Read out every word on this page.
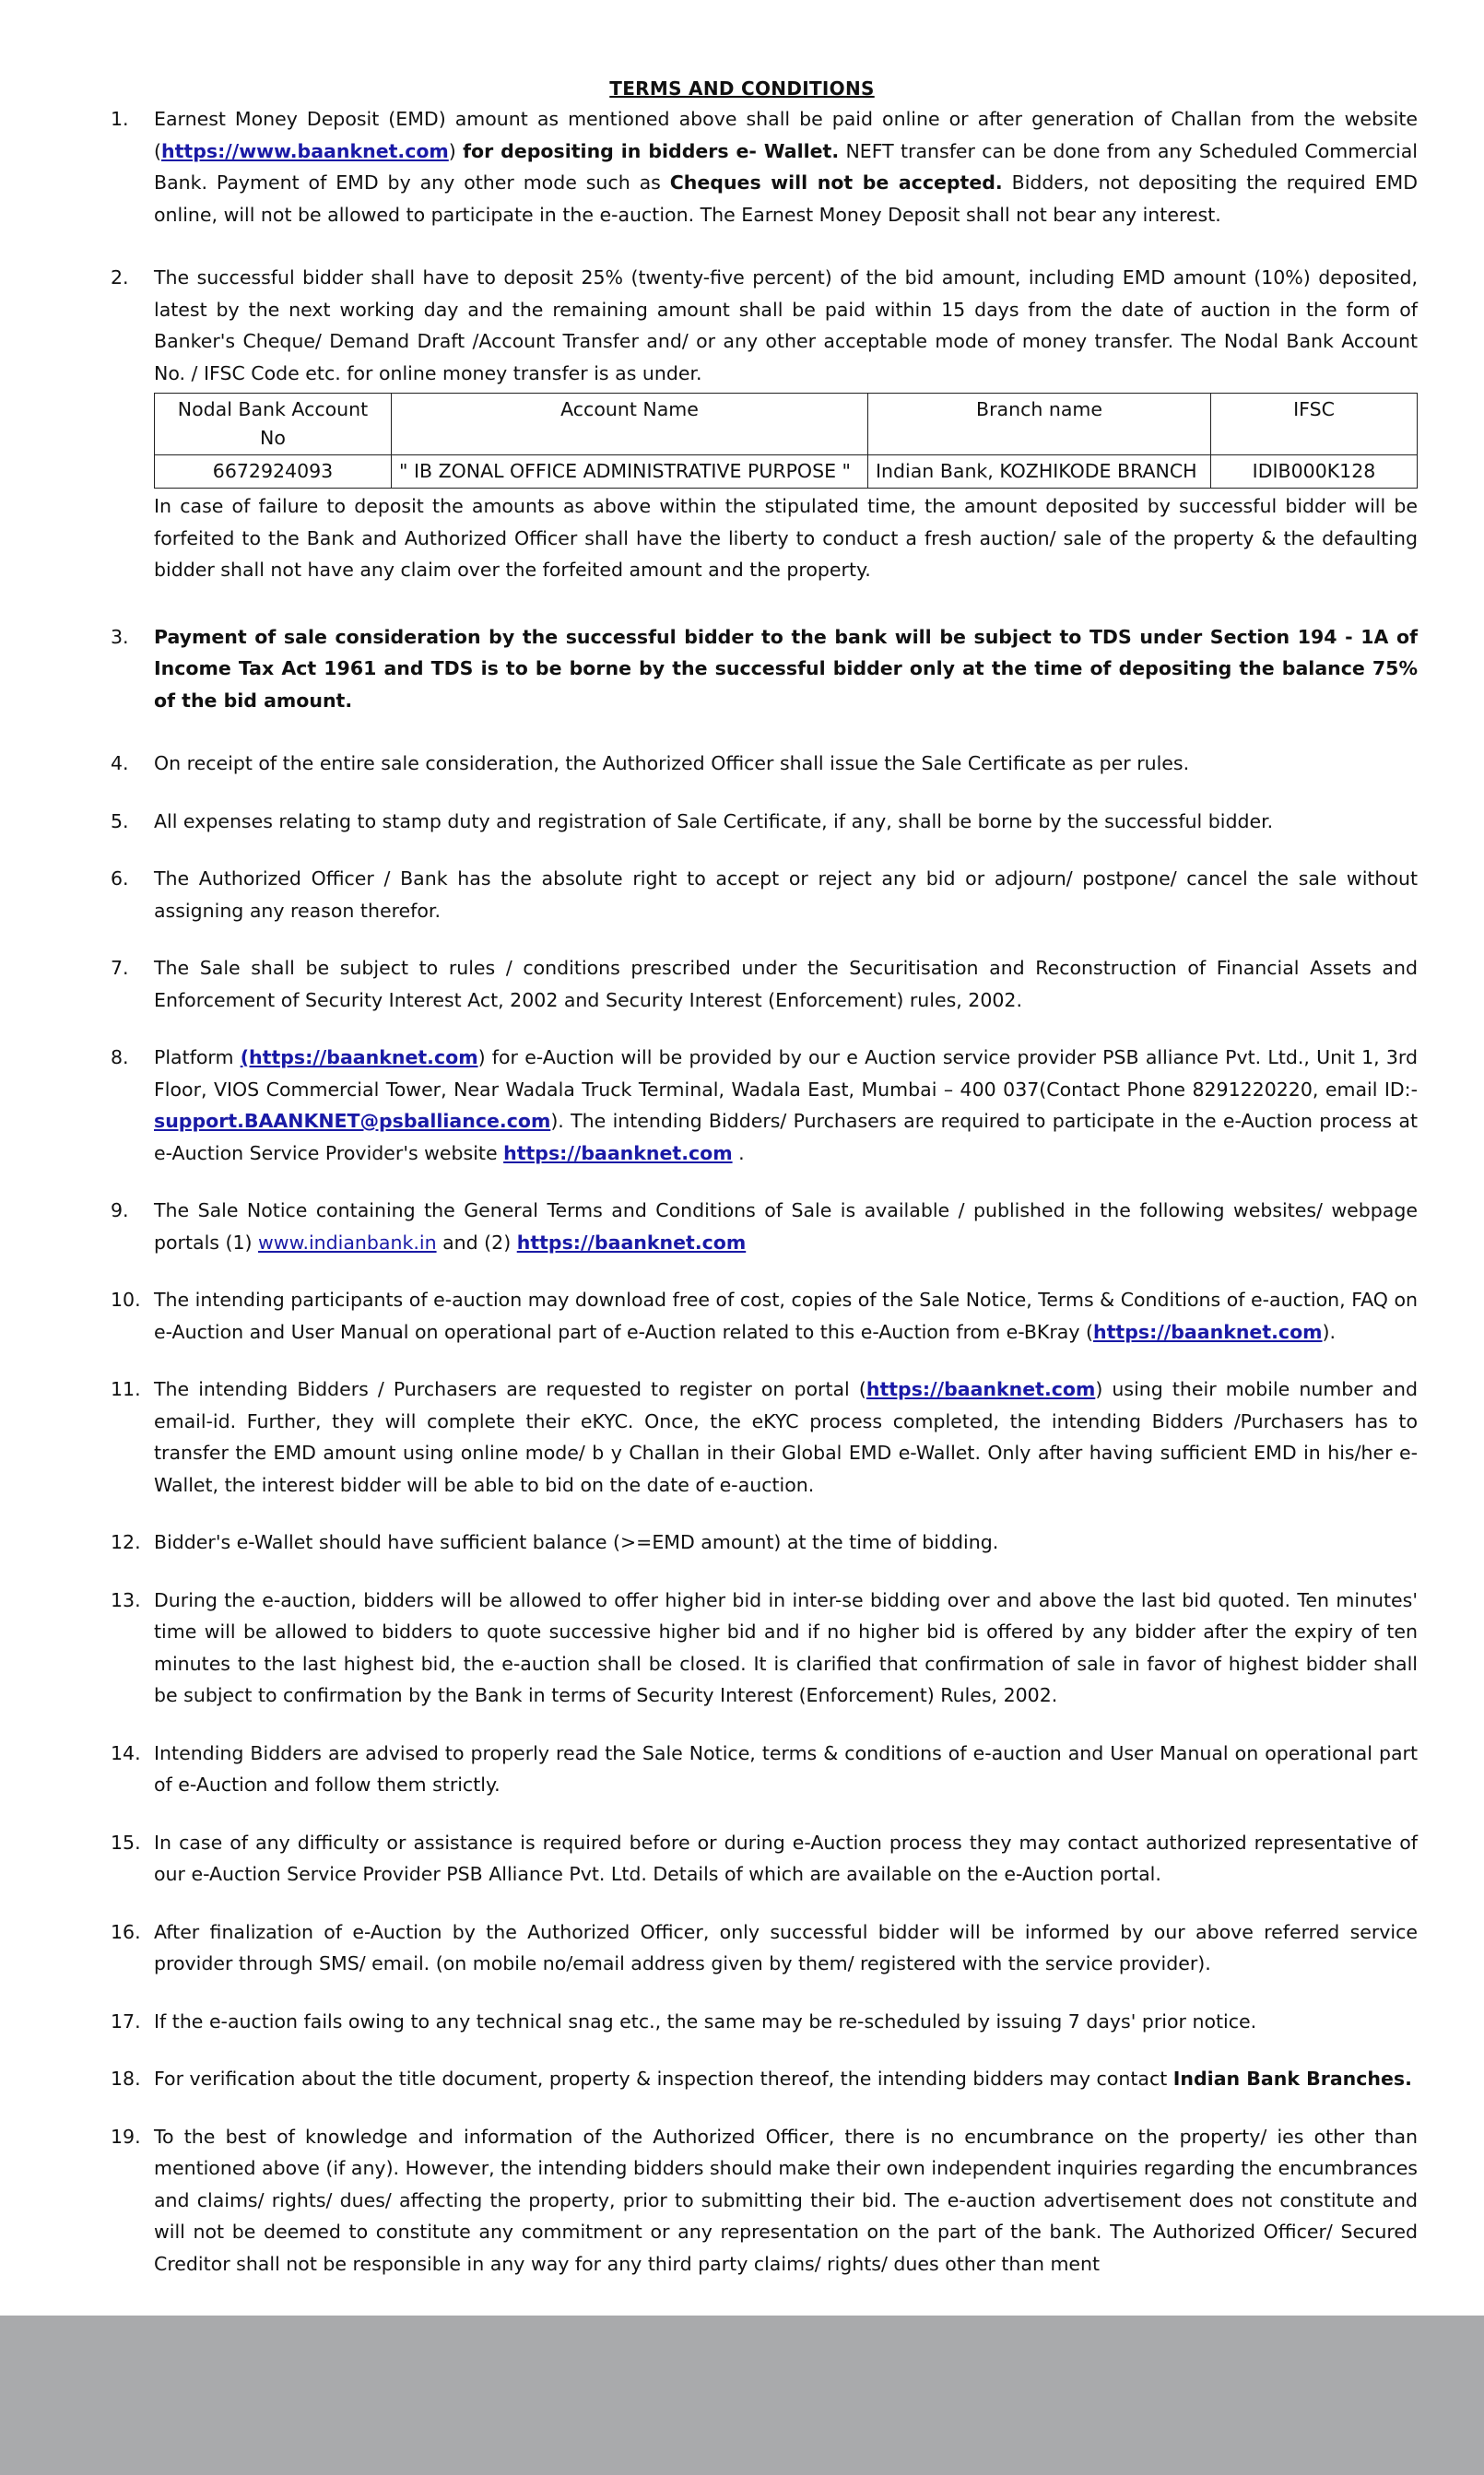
TERMS AND CONDITIONS
1. Earnest Money Deposit (EMD) amount as mentioned above shall be paid online or after generation of Challan from the website (https://www.baanknet.com) for depositing in bidders e- Wallet. NEFT transfer can be done from any Scheduled Commercial Bank. Payment of EMD by any other mode such as Cheques will not be accepted. Bidders, not depositing the required EMD online, will not be allowed to participate in the e-auction. The Earnest Money Deposit shall not bear any interest.
2. The successful bidder shall have to deposit 25% (twenty-five percent) of the bid amount, including EMD amount (10%) deposited, latest by the next working day and the remaining amount shall be paid within 15 days from the date of auction in the form of Banker's Cheque/ Demand Draft /Account Transfer and/ or any other acceptable mode of money transfer. The Nodal Bank Account No. / IFSC Code etc. for online money transfer is as under.
Nodal Bank Account No	Account Name	Branch name	IFSC
6672924093	" IB ZONAL OFFICE ADMINISTRATIVE PURPOSE "	Indian Bank, KOZHIKODE BRANCH	IDIB000K128
In case of failure to deposit the amounts as above within the stipulated time, the amount deposited by successful bidder will be forfeited to the Bank and Authorized Officer shall have the liberty to conduct a fresh auction/ sale of the property & the defaulting bidder shall not have any claim over the forfeited amount and the property.
3. Payment of sale consideration by the successful bidder to the bank will be subject to TDS under Section 194 - 1A of Income Tax Act 1961 and TDS is to be borne by the successful bidder only at the time of depositing the balance 75% of the bid amount.
4. On receipt of the entire sale consideration, the Authorized Officer shall issue the Sale Certificate as per rules.
5. All expenses relating to stamp duty and registration of Sale Certificate, if any, shall be borne by the successful bidder.
6. The Authorized Officer / Bank has the absolute right to accept or reject any bid or adjourn/ postpone/ cancel the sale without assigning any reason therefor.
7. The Sale shall be subject to rules / conditions prescribed under the Securitisation and Reconstruction of Financial Assets and Enforcement of Security Interest Act, 2002 and Security Interest (Enforcement) rules, 2002.
8. Platform (https://baanknet.com) for e-Auction will be provided by our e Auction service provider PSB alliance Pvt. Ltd., Unit 1, 3rd Floor, VIOS Commercial Tower, Near Wadala Truck Terminal, Wadala East, Mumbai – 400 037(Contact Phone 8291220220, email ID:- support.BAANKNET@psballiance.com). The intending Bidders/ Purchasers are required to participate in the e-Auction process at e-Auction Service Provider's website https://baanknet.com .
9. The Sale Notice containing the General Terms and Conditions of Sale is available / published in the following websites/ webpage portals (1) www.indianbank.in and (2) https://baanknet.com
10. The intending participants of e-auction may download free of cost, copies of the Sale Notice, Terms & Conditions of e-auction, FAQ on e-Auction and User Manual on operational part of e-Auction related to this e-Auction from e-BKray (https://baanknet.com).
11. The intending Bidders / Purchasers are requested to register on portal (https://baanknet.com) using their mobile number and email-id. Further, they will complete their eKYC. Once, the eKYC process completed, the intending Bidders /Purchasers has to transfer the EMD amount using online mode/ b y Challan in their Global EMD e-Wallet. Only after having sufficient EMD in his/her e-Wallet, the interest bidder will be able to bid on the date of e-auction.
12. Bidder's e-Wallet should have sufficient balance (>=EMD amount) at the time of bidding.
13. During the e-auction, bidders will be allowed to offer higher bid in inter-se bidding over and above the last bid quoted. Ten minutes' time will be allowed to bidders to quote successive higher bid and if no higher bid is offered by any bidder after the expiry of ten minutes to the last highest bid, the e-auction shall be closed. It is clarified that confirmation of sale in favor of highest bidder shall be subject to confirmation by the Bank in terms of Security Interest (Enforcement) Rules, 2002.
14. Intending Bidders are advised to properly read the Sale Notice, terms & conditions of e-auction and User Manual on operational part of e-Auction and follow them strictly.
15. In case of any difficulty or assistance is required before or during e-Auction process they may contact authorized representative of our e-Auction Service Provider PSB Alliance Pvt. Ltd. Details of which are available on the e-Auction portal.
16. After finalization of e-Auction by the Authorized Officer, only successful bidder will be informed by our above referred service provider through SMS/ email. (on mobile no/email address given by them/ registered with the service provider).
17. If the e-auction fails owing to any technical snag etc., the same may be re-scheduled by issuing 7 days' prior notice.
18. For verification about the title document, property & inspection thereof, the intending bidders may contact Indian Bank Branches.
19. To the best of knowledge and information of the Authorized Officer, there is no encumbrance on the property/ ies other than mentioned above (if any). However, the intending bidders should make their own independent inquiries regarding the encumbrances and claims/ rights/ dues/ affecting the property, prior to submitting their bid. The e-auction advertisement does not constitute and will not be deemed to constitute any commitment or any representation on the part of the bank. The Authorized Officer/ Secured Creditor shall not be responsible in any way for any third party claims/ rights/ dues other than ment
